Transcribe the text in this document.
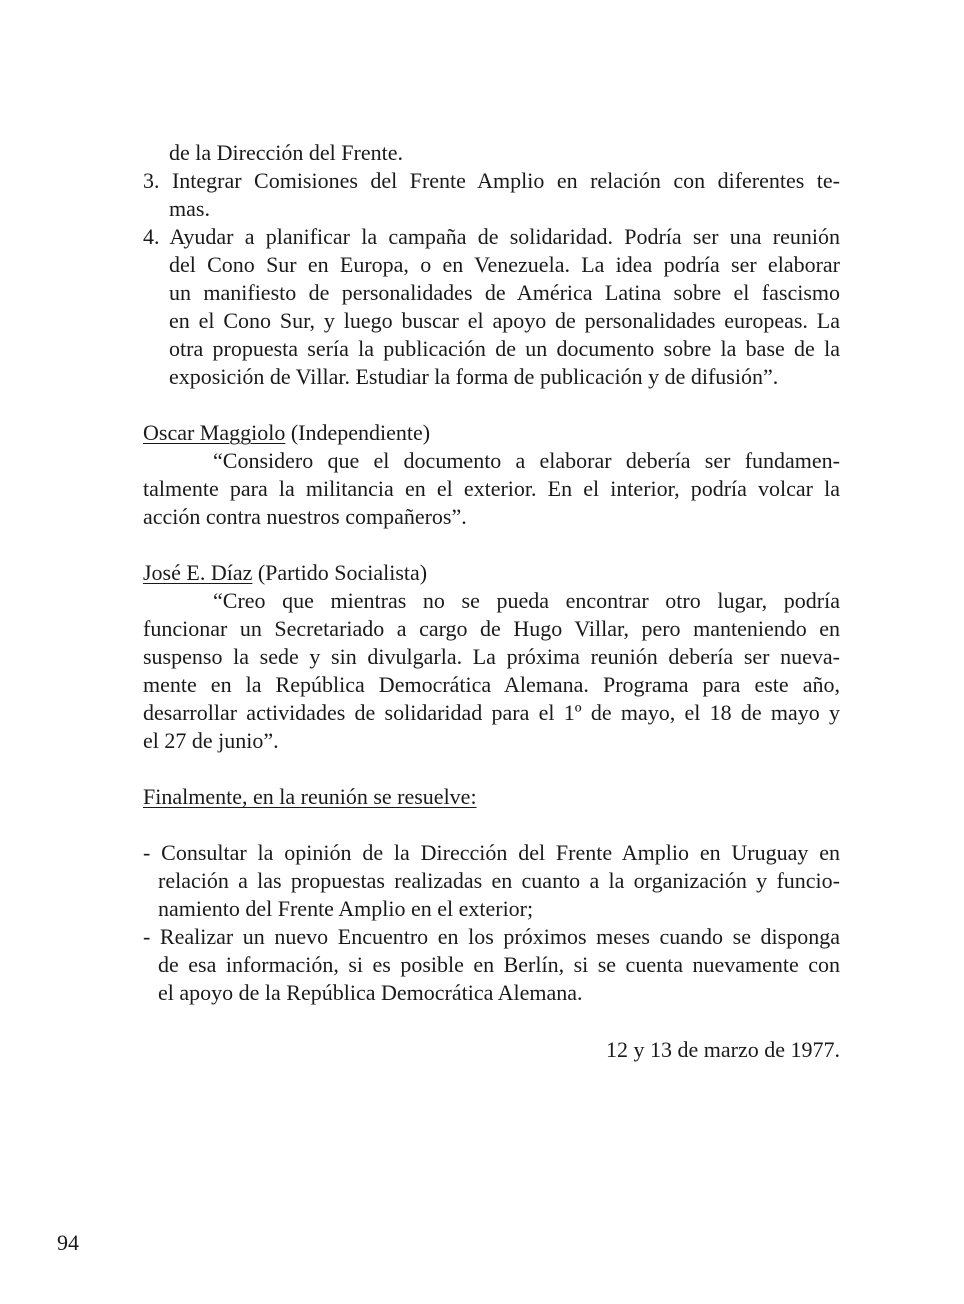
de la Dirección del Frente.
3. Integrar Comisiones del Frente Amplio en relación con diferentes te-
mas.
4. Ayudar a planificar la campaña de solidaridad. Podría ser una reunión
del Cono Sur en Europa, o en Venezuela. La idea podría ser elaborar
un manifiesto de personalidades de América Latina sobre el fascismo
en el Cono Sur, y luego buscar el apoyo de personalidades europeas. La
otra propuesta sería la publicación de un documento sobre la base de la
exposición de Villar. Estudiar la forma de publicación y de difusión”.
Oscar Maggiolo (Independiente)
“Considero que el documento a elaborar debería ser fundamen-
talmente para la militancia en el exterior. En el interior, podría volcar la
acción contra nuestros compañeros”.
José E. Díaz (Partido Socialista)
“Creo que mientras no se pueda encontrar otro lugar, podría
funcionar un Secretariado a cargo de Hugo Villar, pero manteniendo en
suspenso la sede y sin divulgarla. La próxima reunión debería ser nueva-
mente en la República Democrática Alemana. Programa para este año,
desarrollar actividades de solidaridad para el 1º de mayo, el 18 de mayo y
el 27 de junio”.
Finalmente, en la reunión se resuelve:
- Consultar la opinión de la Dirección del Frente Amplio en Uruguay en
relación a las propuestas realizadas en cuanto a la organización y funcio-
namiento del Frente Amplio en el exterior;
- Realizar un nuevo Encuentro en los próximos meses cuando se disponga
de esa información, si es posible en Berlín, si se cuenta nuevamente con
el apoyo de la República Democrática Alemana.
12 y 13 de marzo de 1977.
94
